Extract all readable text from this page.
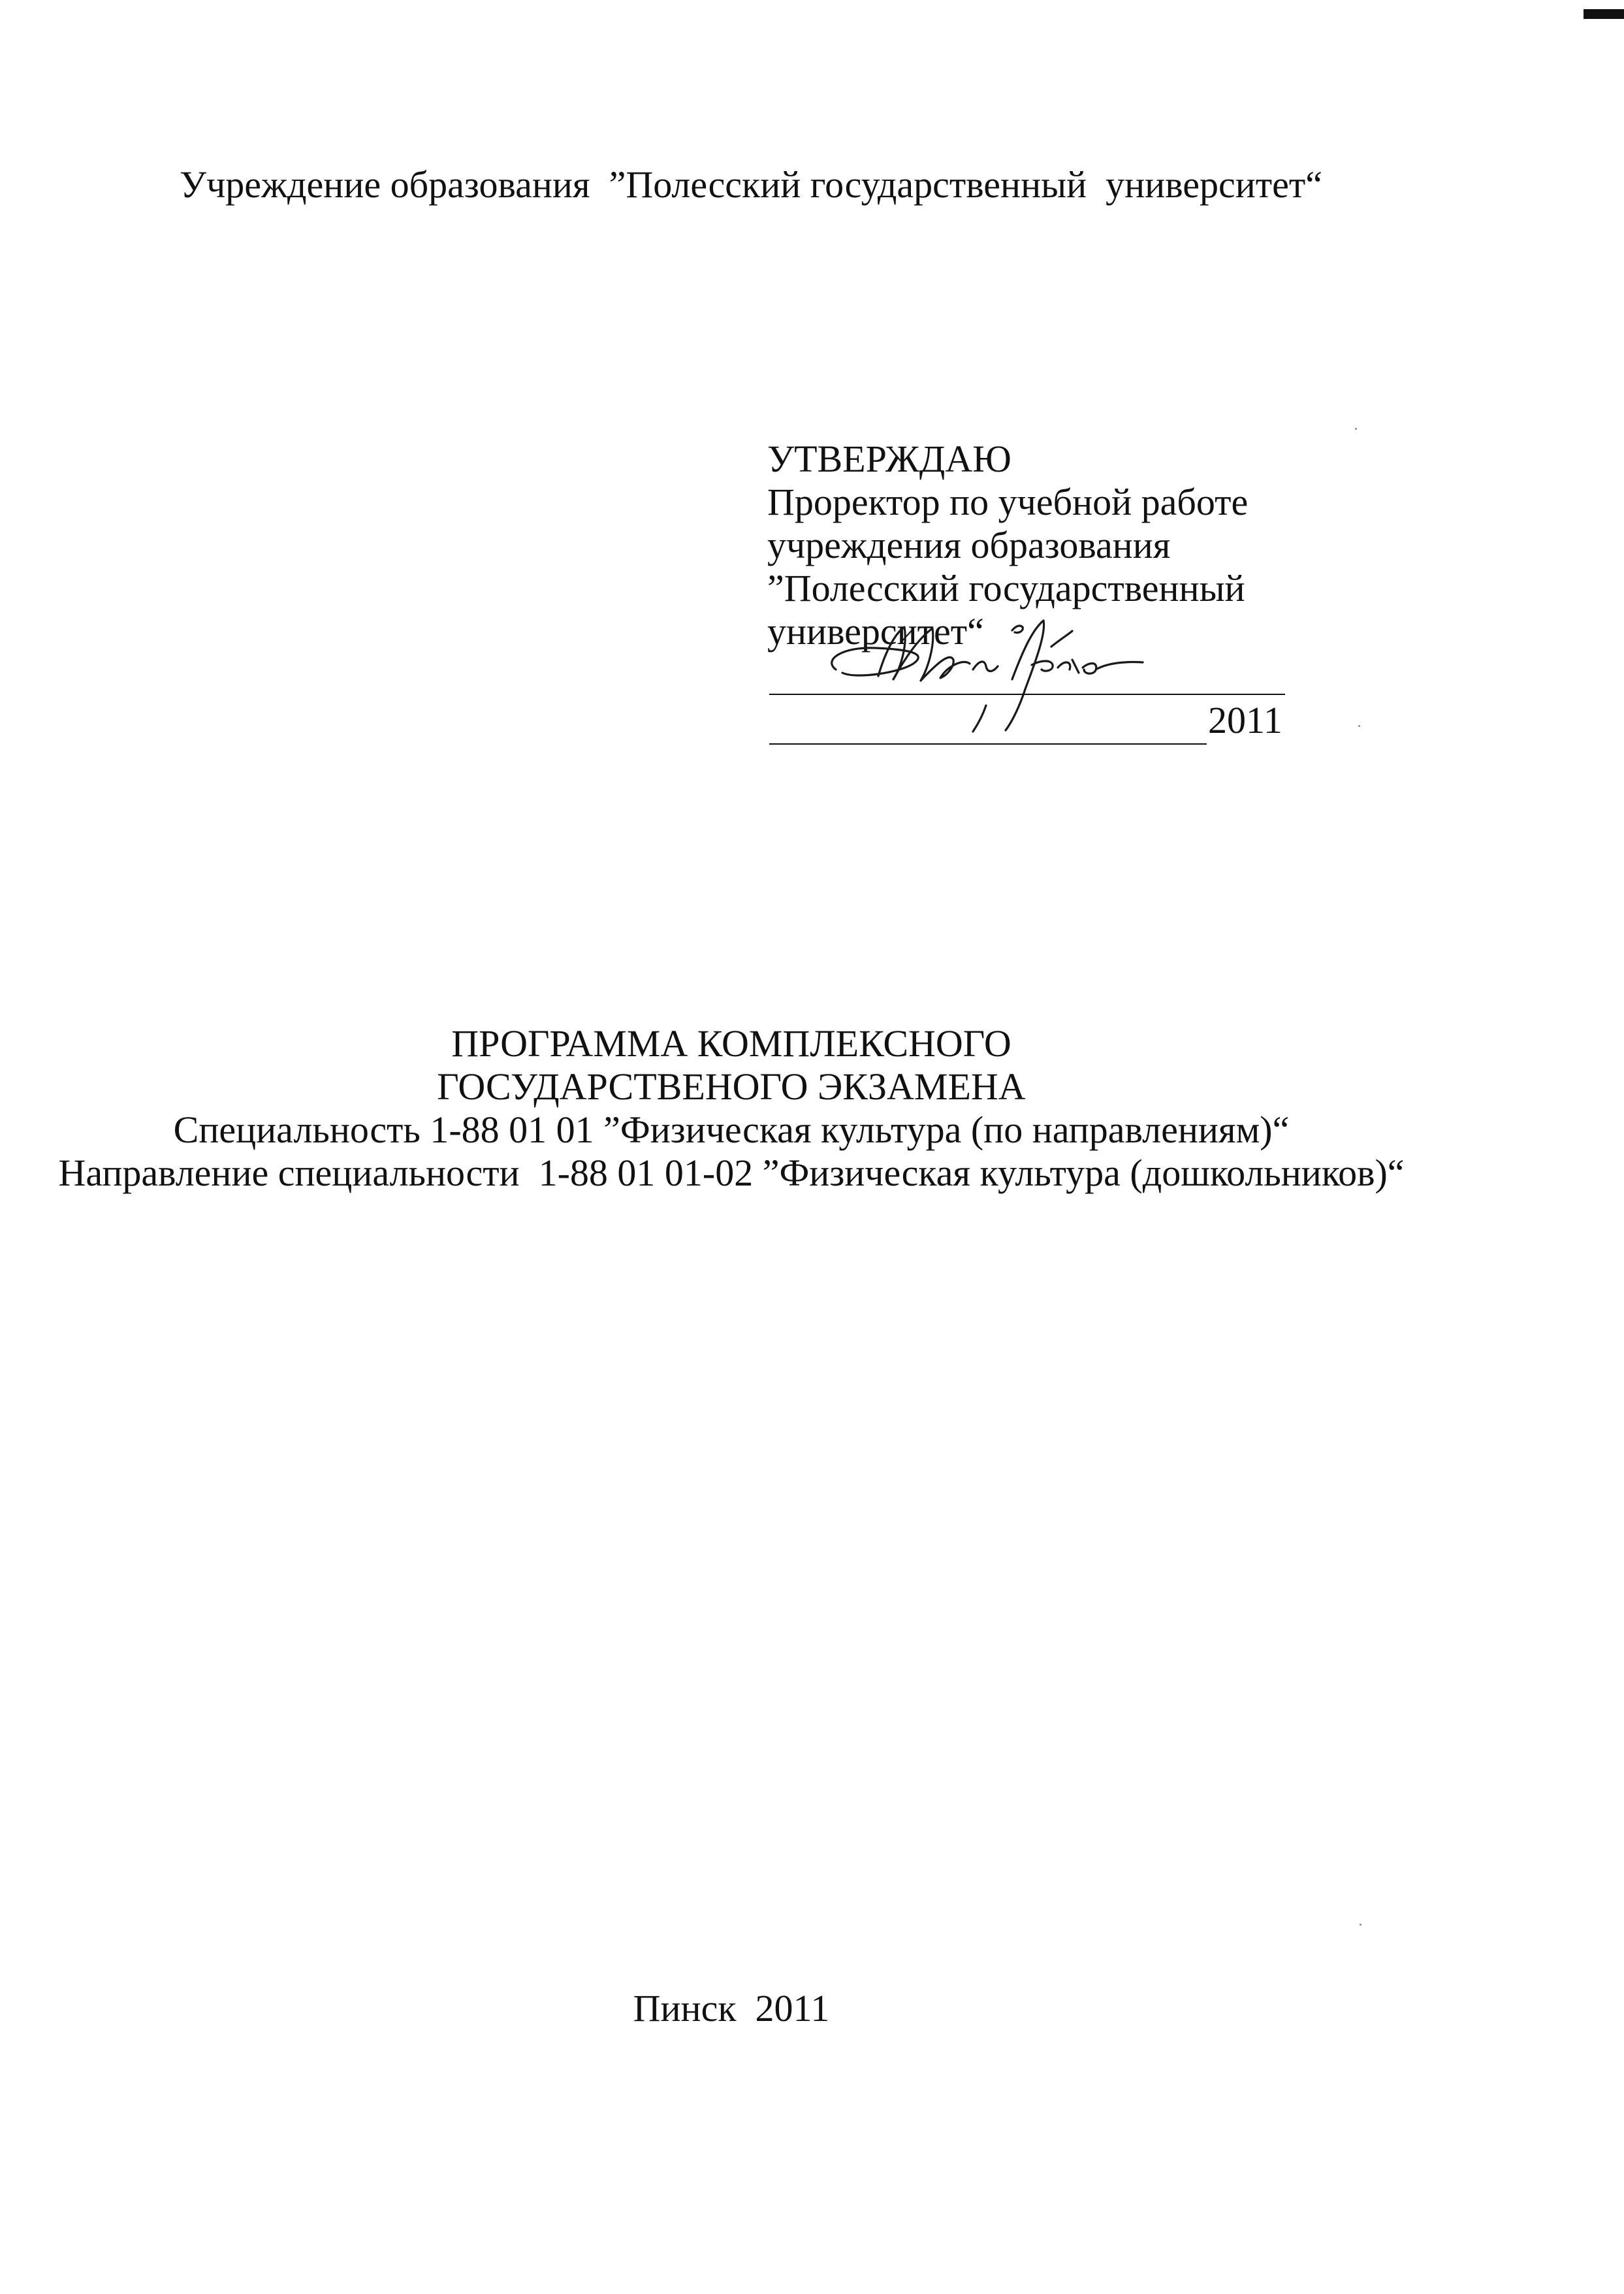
Учреждение образования  ”Полесский государственный  университет“
УТВЕРЖДАЮ
Проректор по учебной работе
учреждения образования
”Полесский государственный
университет“
2011
ПРОГРАММА КОМПЛЕКСНОГО
ГОСУДАРСТВЕНОГО ЭКЗАМЕНА
Специальность 1-88 01 01 ”Физическая культура (по направлениям)“
Направление специальности  1-88 01 01-02 ”Физическая культура (дошкольников)“
Пинск  2011
